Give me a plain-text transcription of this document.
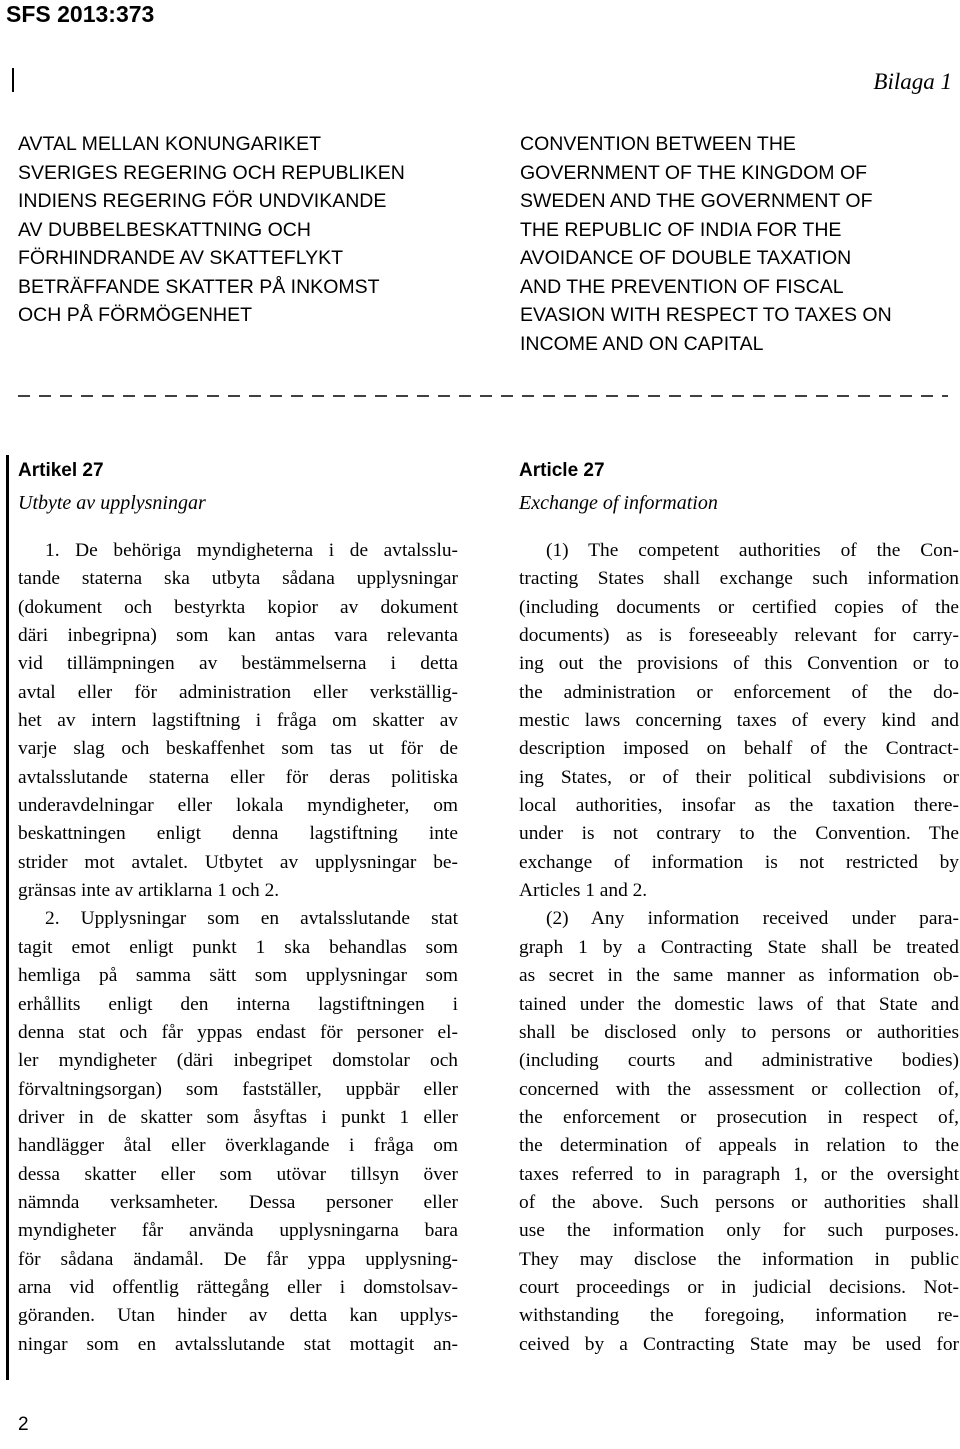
SFS 2013:373
Bilaga 1
AVTAL MELLAN KONUNGARIKET
SVERIGES REGERING OCH REPUBLIKEN
INDIENS REGERING FÖR UNDVIKANDE
AV DUBBELBESKATTNING OCH
FÖRHINDRANDE AV SKATTEFLYKT
BETRÄFFANDE SKATTER PÅ INKOMST
OCH PÅ FÖRMÖGENHET
CONVENTION BETWEEN THE
GOVERNMENT OF THE KINGDOM OF
SWEDEN AND THE GOVERNMENT OF
THE REPUBLIC OF INDIA FOR THE
AVOIDANCE OF DOUBLE TAXATION
AND THE PREVENTION OF FISCAL
EVASION WITH RESPECT TO TAXES ON
INCOME AND ON CAPITAL

Artikel 27

Utbyte av upplysningar

1. De behöriga myndigheterna i de avtalsslu-
tande staterna ska utbyta sådana upplysningar
(dokument och bestyrkta kopior av dokument
däri inbegripna) som kan antas vara relevanta
vid tillämpningen av bestämmelserna i detta
avtal eller för administration eller verkställig-
het av intern lagstiftning i fråga om skatter av
varje slag och beskaffenhet som tas ut för de
avtalsslutande staterna eller för deras politiska
underavdelningar eller lokala myndigheter, om
beskattningen enligt denna lagstiftning inte
strider mot avtalet. Utbytet av upplysningar be-
gränsas inte av artiklarna 1 och 2.
2. Upplysningar som en avtalsslutande stat
tagit emot enligt punkt 1 ska behandlas som
hemliga på samma sätt som upplysningar som
erhållits enligt den interna lagstiftningen i
denna stat och får yppas endast för personer el-
ler myndigheter (däri inbegripet domstolar och
förvaltningsorgan) som fastställer, uppbär eller
driver in de skatter som åsyftas i punkt 1 eller
handlägger åtal eller överklagande i fråga om
dessa skatter eller som utövar tillsyn över
nämnda verksamheter. Dessa personer eller
myndigheter får använda upplysningarna bara
för sådana ändamål. De får yppa upplysning-
arna vid offentlig rättegång eller i domstolsav-
göranden. Utan hinder av detta kan upplys-
ningar som en avtalsslutande stat mottagit an-

Article 27

Exchange of information

(1) The competent authorities of the Con-
tracting States shall exchange such information
(including documents or certified copies of the
documents) as is foreseeably relevant for carry-
ing out the provisions of this Convention or to
the administration or enforcement of the do-
mestic laws concerning taxes of every kind and
description imposed on behalf of the Contract-
ing States, or of their political subdivisions or
local authorities, insofar as the taxation there-
under is not contrary to the Convention. The
exchange of information is not restricted by
Articles 1 and 2.
(2) Any information received under para-
graph 1 by a Contracting State shall be treated
as secret in the same manner as information ob-
tained under the domestic laws of that State and
shall be disclosed only to persons or authorities
(including courts and administrative bodies)
concerned with the assessment or collection of,
the enforcement or prosecution in respect of,
the determination of appeals in relation to the
taxes referred to in paragraph 1, or the oversight
of the above. Such persons or authorities shall
use the information only for such purposes.
They may disclose the information in public
court proceedings or in judicial decisions. Not-
withstanding the foregoing, information re-
ceived by a Contracting State may be used for
2
